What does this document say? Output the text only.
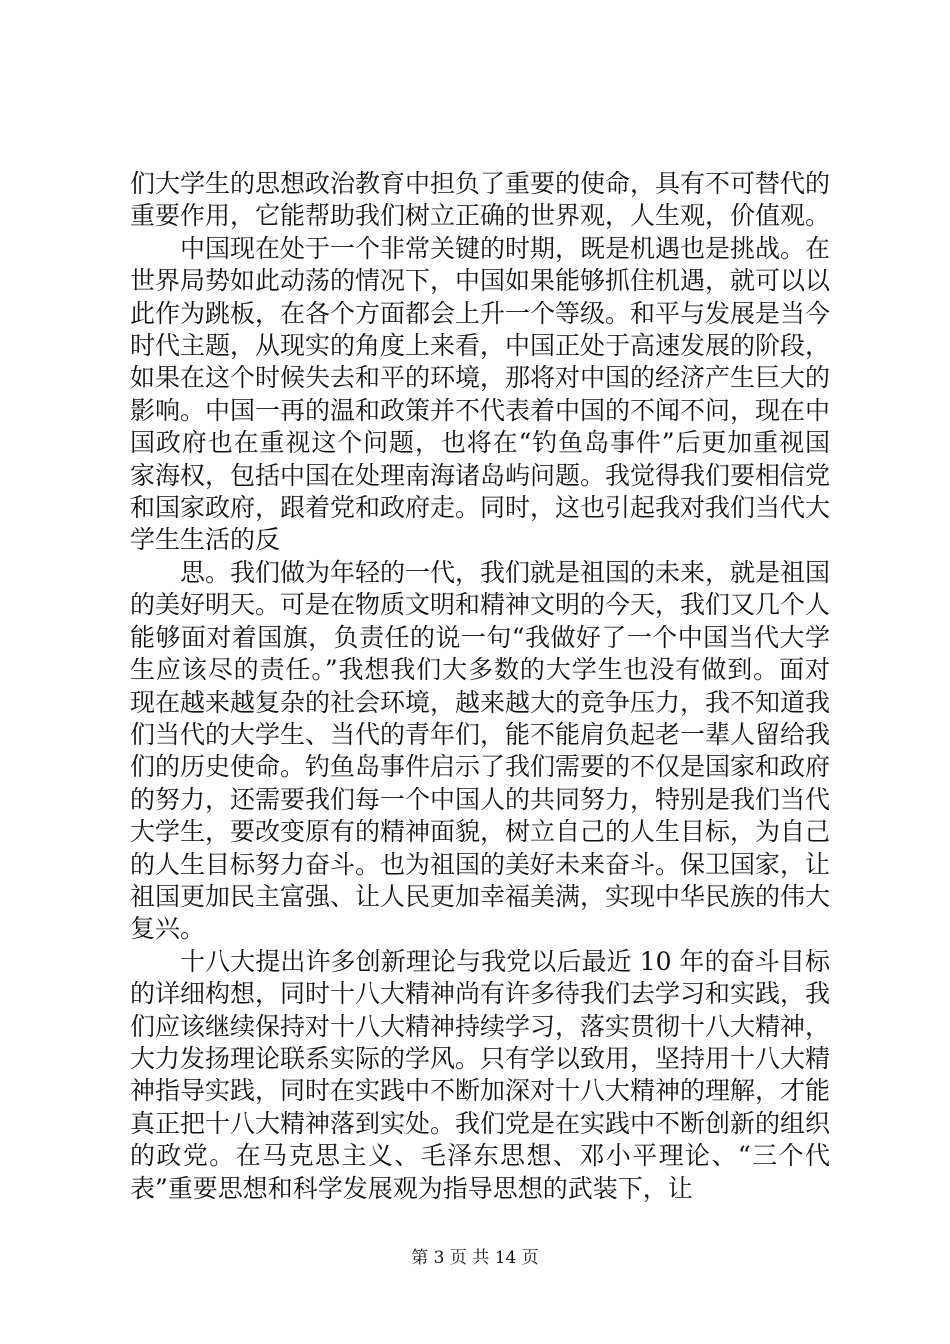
们大学生的思想政治教育中担负了重要的使命，具有不可替代的重要作用，它能帮助我们树立正确的世界观，人生观，价值观。

中国现在处于一个非常关键的时期，既是机遇也是挑战。在世界局势如此动荡的情况下，中国如果能够抓住机遇，就可以以此作为跳板，在各个方面都会上升一个等级。和平与发展是当今时代主题，从现实的角度上来看，中国正处于高速发展的阶段，如果在这个时候失去和平的环境，那将对中国的经济产生巨大的影响。中国一再的温和政策并不代表着中国的不闻不问，现在中国政府也在重视这个问题，也将在“钓鱼岛事件”后更加重视国家海权，包括中国在处理南海诸岛屿问题。我觉得我们要相信党和国家政府，跟着党和政府走。同时，这也引起我对我们当代大学生生活的反

思。我们做为年轻的一代，我们就是祖国的未来，就是祖国的美好明天。可是在物质文明和精神文明的今天，我们又几个人能够面对着国旗，负责任的说一句“我做好了一个中国当代大学生应该尽的责任。”我想我们大多数的大学生也没有做到。面对现在越来越复杂的社会环境，越来越大的竞争压力，我不知道我们当代的大学生、当代的青年们，能不能肩负起老一辈人留给我们的历史使命。钓鱼岛事件启示了我们需要的不仅是国家和政府的努力，还需要我们每一个中国人的共同努力，特别是我们当代大学生，要改变原有的精神面貌，树立自己的人生目标，为自己的人生目标努力奋斗。也为祖国的美好未来奋斗。保卫国家，让祖国更加民主富强、让人民更加幸福美满，实现中华民族的伟大复兴。

十八大提出许多创新理论与我党以后最近 10 年的奋斗目标的详细构想，同时十八大精神尚有许多待我们去学习和实践，我们应该继续保持对十八大精神持续学习，落实贯彻十八大精神，大力发扬理论联系实际的学风。只有学以致用，坚持用十八大精神指导实践，同时在实践中不断加深对十八大精神的理解，才能真正把十八大精神落到实处。我们党是在实践中不断创新的组织的政党。在马克思主义、毛泽东思想、邓小平理论、“三个代表”重要思想和科学发展观为指导思想的武装下，让

第 3 页 共 14 页
